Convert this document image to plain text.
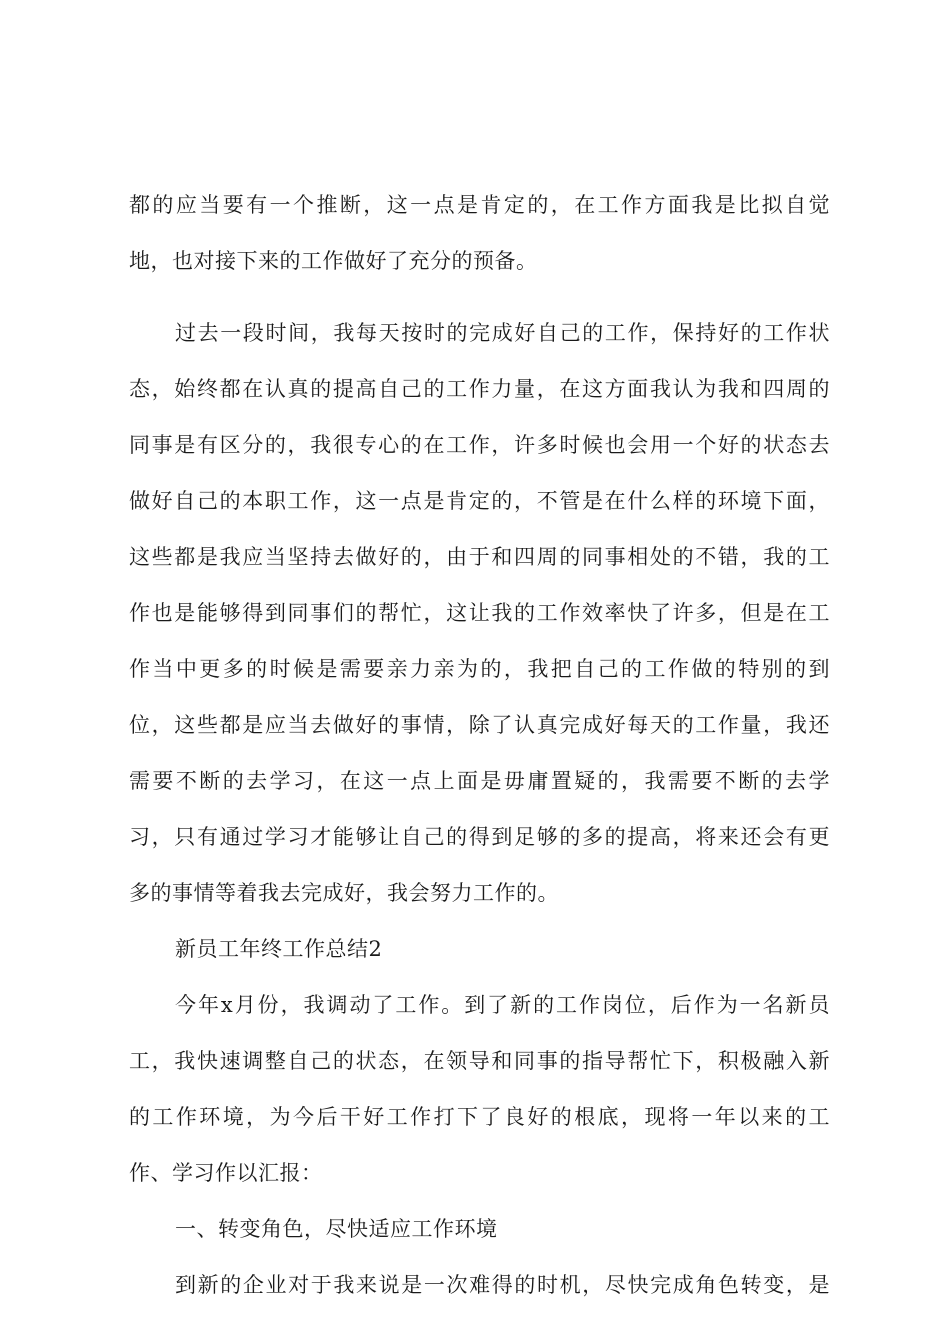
都的应当要有一个推断，这一点是肯定的，在工作方面我是比拟自觉
地，也对接下来的工作做好了充分的预备。
过去一段时间，我每天按时的完成好自己的工作，保持好的工作状
态，始终都在认真的提高自己的工作力量，在这方面我认为我和四周的
同事是有区分的，我很专心的在工作，许多时候也会用一个好的状态去
做好自己的本职工作，这一点是肯定的，不管是在什么样的环境下面，
这些都是我应当坚持去做好的，由于和四周的同事相处的不错，我的工
作也是能够得到同事们的帮忙，这让我的工作效率快了许多，但是在工
作当中更多的时候是需要亲力亲为的，我把自己的工作做的特别的到
位，这些都是应当去做好的事情，除了认真完成好每天的工作量，我还
需要不断的去学习，在这一点上面是毋庸置疑的，我需要不断的去学
习，只有通过学习才能够让自己的得到足够的多的提高，将来还会有更
多的事情等着我去完成好，我会努力工作的。
新员工年终工作总结2
今年x月份，我调动了工作。到了新的工作岗位，后作为一名新员
工，我快速调整自己的状态，在领导和同事的指导帮忙下，积极融入新
的工作环境，为今后干好工作打下了良好的根底，现将一年以来的工
作、学习作以汇报：
一、转变角色，尽快适应工作环境
到新的企业对于我来说是一次难得的时机，尽快完成角色转变，是
